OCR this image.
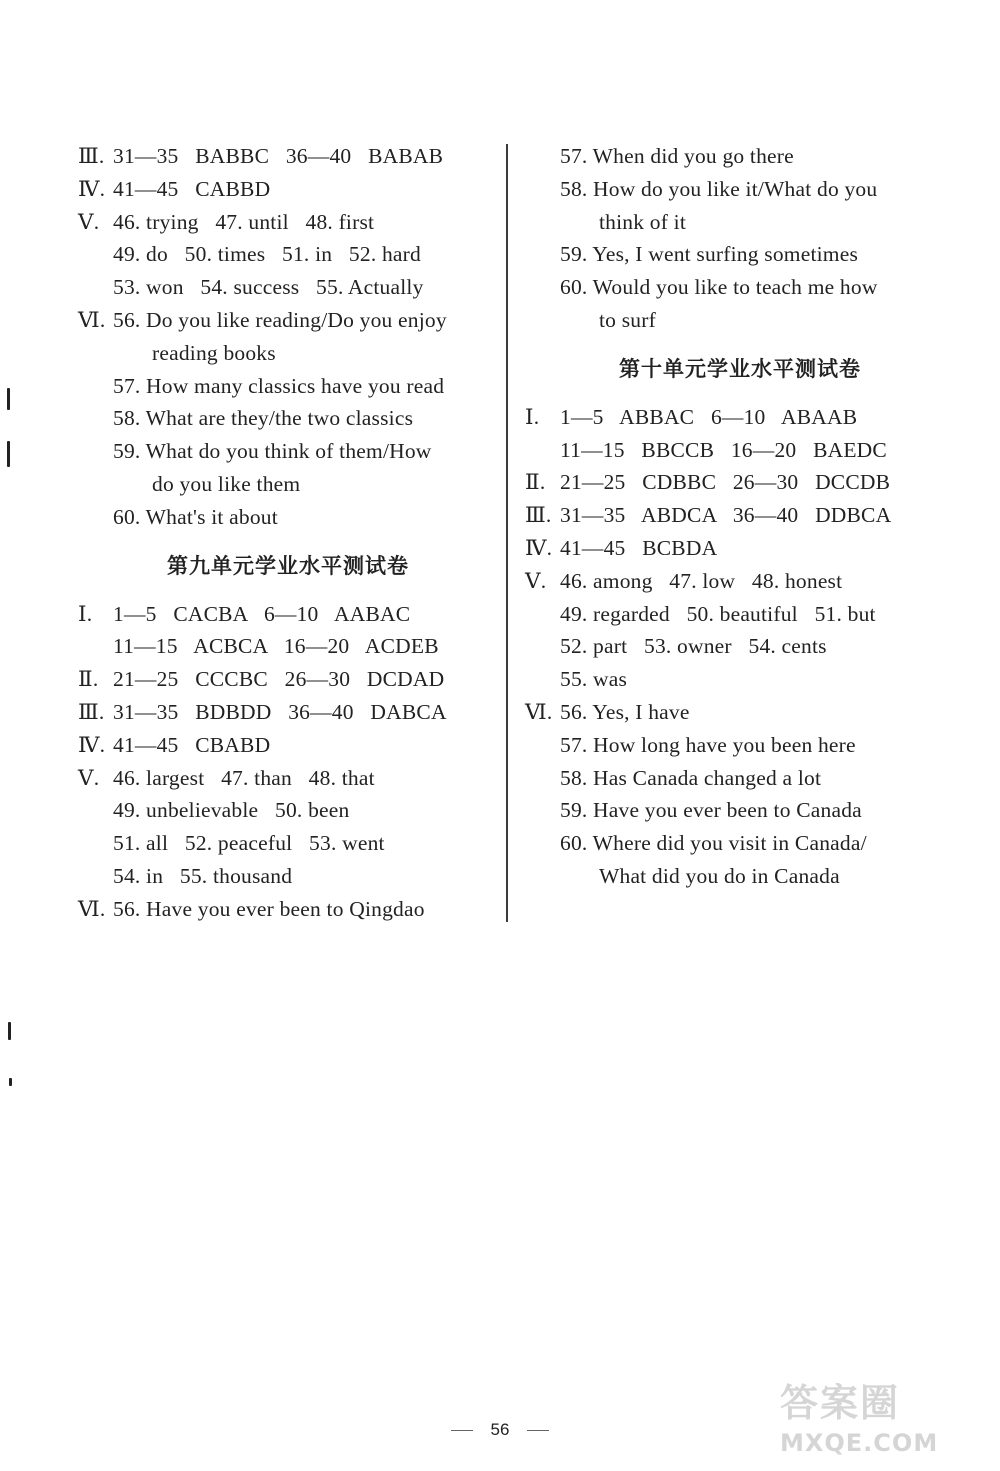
Ⅲ. 31—35   BABBC   36—40   BABAB
Ⅳ. 41—45   CABBD
Ⅴ. 46. trying   47. until   48. first
49. do   50. times   51. in   52. hard
53. won   54. success   55. Actually
Ⅵ. 56. Do you like reading/Do you enjoy
reading books
57. How many classics have you read
58. What are they/the two classics
59. What do you think of them/How
do you like them
60. What's it about
第九单元学业水平测试卷
Ⅰ. 1—5   CACBA   6—10   AABAC
11—15   ACBCA   16—20   ACDEB
Ⅱ. 21—25   CCCBC   26—30   DCDAD
Ⅲ. 31—35   BDBDD   36—40   DABCA
Ⅳ. 41—45   CBABD
Ⅴ. 46. largest   47. than   48. that
49. unbelievable   50. been
51. all   52. peaceful   53. went
54. in   55. thousand
Ⅵ. 56. Have you ever been to Qingdao
57. When did you go there
58. How do you like it/What do you
think of it
59. Yes, I went surfing sometimes
60. Would you like to teach me how
to surf
第十单元学业水平测试卷
Ⅰ. 1—5   ABBAC   6—10   ABAAB
11—15   BBCCB   16—20   BAEDC
Ⅱ. 21—25   CDBBC   26—30   DCCDB
Ⅲ. 31—35   ABDCA   36—40   DDBCA
Ⅳ. 41—45   BCBDA
Ⅴ. 46. among   47. low   48. honest
49. regarded   50. beautiful   51. but
52. part   53. owner   54. cents
55. was
Ⅵ. 56. Yes, I have
57. How long have you been here
58. Has Canada changed a lot
59. Have you ever been to Canada
60. Where did you visit in Canada/
What did you do in Canada
56
答案圈
MXQE.COM
